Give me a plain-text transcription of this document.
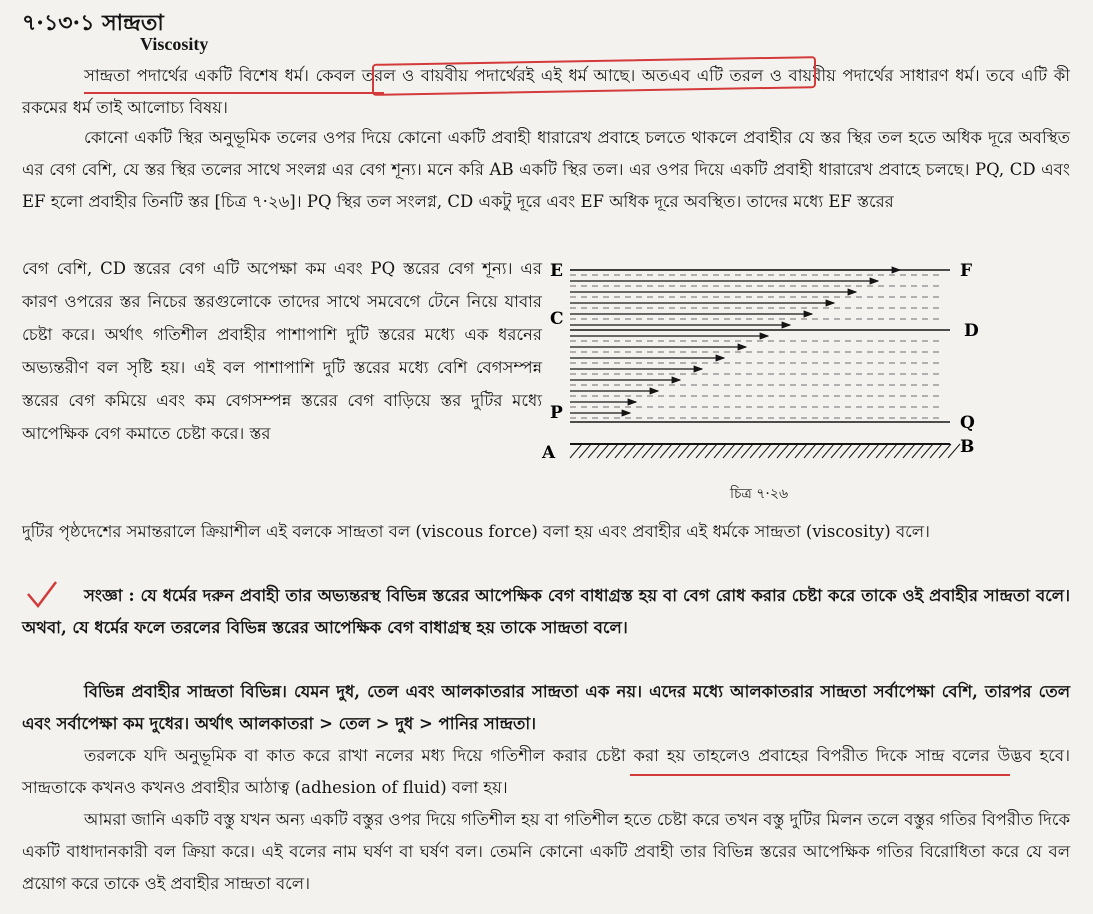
৭·১৩·১ সান্দ্রতা
Viscosity
সান্দ্রতা পদার্থের একটি বিশেষ ধর্ম। কেবল তরল ও বায়বীয় পদার্থেরই এই ধর্ম আছে। অতএব এটি তরল ও বায়বীয় পদার্থের সাধারণ ধর্ম। তবে এটি কী রকমের ধর্ম তাই আলোচ্য বিষয়।
কোনো একটি স্থির অনুভূমিক তলের ওপর দিয়ে কোনো একটি প্রবাহী ধারারেখ প্রবাহে চলতে থাকলে প্রবাহীর যে স্তর স্থির তল হতে অধিক দূরে অবস্থিত এর বেগ বেশি, যে স্তর স্থির তলের সাথে সংলগ্ন এর বেগ শূন্য। মনে করি AB একটি স্থির তল। এর ওপর দিয়ে একটি প্রবাহী ধারারেখ প্রবাহে চলছে। PQ, CD এবং EF হলো প্রবাহীর তিনটি স্তর [চিত্র ৭·২৬]। PQ স্থির তল সংলগ্ন, CD একটু দূরে এবং EF অধিক দূরে অবস্থিত। তাদের মধ্যে EF স্তরের
বেগ বেশি, CD স্তরের বেগ এটি অপেক্ষা কম এবং PQ স্তরের বেগ শূন্য। এর কারণ ওপরের স্তর নিচের স্তরগুলোকে তাদের সাথে সমবেগে টেনে নিয়ে যাবার চেষ্টা করে। অর্থাৎ গতিশীল প্রবাহীর পাশাপাশি দুটি স্তরের মধ্যে এক ধরনের অভ্যন্তরীণ বল সৃষ্টি হয়। এই বল পাশাপাশি দুটি স্তরের মধ্যে বেশি বেগসম্পন্ন স্তরের বেগ কমিয়ে এবং কম বেগসম্পন্ন স্তরের বেগ বাড়িয়ে স্তর দুটির মধ্যে আপেক্ষিক বেগ কমাতে চেষ্টা করে। স্তর
E	F
C
D
P	Q
A	B
চিত্র ৭·২৬
দুটির পৃষ্ঠদেশের সমান্তরালে ক্রিয়াশীল এই বলকে সান্দ্রতা বল (viscous force) বলা হয় এবং প্রবাহীর এই ধর্মকে সান্দ্রতা (viscosity) বলে।
সংজ্ঞা : যে ধর্মের দরুন প্রবাহী তার অভ্যন্তরস্থ বিভিন্ন স্তরের আপেক্ষিক বেগ বাধাগ্রস্ত হয় বা বেগ রোধ করার চেষ্টা করে তাকে ওই প্রবাহীর সান্দ্রতা বলে। অথবা, যে ধর্মের ফলে তরলের বিভিন্ন স্তরের আপেক্ষিক বেগ বাধাগ্রস্থ হয় তাকে সান্দ্রতা বলে।
বিভিন্ন প্রবাহীর সান্দ্রতা বিভিন্ন। যেমন দুধ, তেল এবং আলকাতরার সান্দ্রতা এক নয়। এদের মধ্যে আলকাতরার সান্দ্রতা সর্বাপেক্ষা বেশি, তারপর তেল এবং সর্বাপেক্ষা কম দুধের। অর্থাৎ আলকাতরা > তেল > দুধ > পানির সান্দ্রতা।
তরলকে যদি অনুভূমিক বা কাত করে রাখা নলের মধ্য দিয়ে গতিশীল করার চেষ্টা করা হয় তাহলেও প্রবাহের বিপরীত দিকে সান্দ্র বলের উদ্ভব হবে। সান্দ্রতাকে কখনও কখনও প্রবাহীর আঠাত্ব (adhesion of fluid) বলা হয়।
আমরা জানি একটি বস্তু যখন অন্য একটি বস্তুর ওপর দিয়ে গতিশীল হয় বা গতিশীল হতে চেষ্টা করে তখন বস্তু দুটির মিলন তলে বস্তুর গতির বিপরীত দিকে একটি বাধাদানকারী বল ক্রিয়া করে। এই বলের নাম ঘর্ষণ বা ঘর্ষণ বল। তেমনি কোনো একটি প্রবাহী তার বিভিন্ন স্তরের আপেক্ষিক গতির বিরোধিতা করে যে বল প্রয়োগ করে তাকে ওই প্রবাহীর সান্দ্রতা বলে।
